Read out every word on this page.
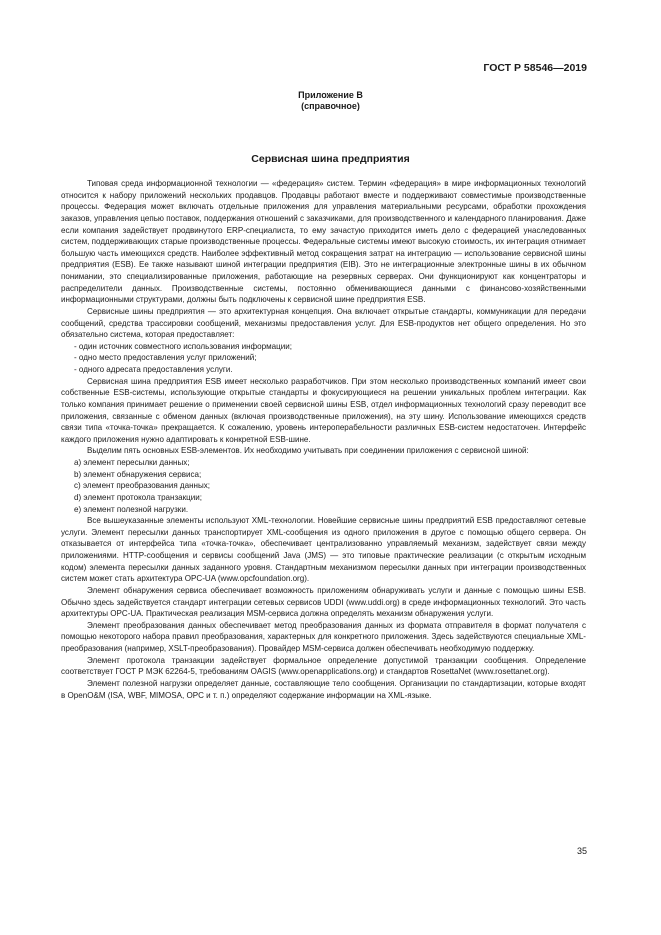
ГОСТ Р 58546—2019
Приложение В
(справочное)
Сервисная шина предприятия

Типовая среда информационной технологии — «федерация» систем. Термин «федерация» в мире информационных технологий относится к набору приложений нескольких продавцов. Продавцы работают вместе и поддерживают совместимые производственные процессы. Федерация может включать отдельные приложения для управления материальными ресурсами, обработки прохождения заказов, управления цепью поставок, поддержания отношений с заказчиками, для производственного и календарного планирования. Даже если компания задействует продвинутого ERP-специалиста, то ему зачастую приходится иметь дело с федерацией унаследованных систем, поддерживающих старые производственные процессы. Федеральные системы имеют высокую стоимость, их интеграция отнимает большую часть имеющихся средств. Наиболее эффективный метод сокращения затрат на интеграцию — использование сервисной шины предприятия (ESB). Ее также называют шиной интеграции предприятия (EIB). Это не интеграционные электронные шины в их обычном понимании, это специализированные приложения, работающие на резервных серверах. Они функционируют как концентраторы и распределители данных. Производственные системы, постоянно обменивающиеся данными с финансово-хозяйственными информационными структурами, должны быть подключены к сервисной шине предприятия ESB.

Сервисные шины предприятия — это архитектурная концепция. Она включает открытые стандарты, коммуникации для передачи сообщений, средства трассировки сообщений, механизмы предоставления услуг. Для ESB-продуктов нет общего определения. Но это обязательно система, которая предоставляет:

- один источник совместного использования информации;
- одно место предоставления услуг приложений;
- одного адресата предоставления услуги.

Сервисная шина предприятия ESB имеет несколько разработчиков. При этом несколько производственных компаний имеет свои собственные ESB-системы, использующие открытые стандарты и фокусирующиеся на решении уникальных проблем интеграции. Как только компания принимает решение о применении своей сервисной шины ESB, отдел информационных технологий сразу переводит все приложения, связанные с обменом данных (включая производственные приложения), на эту шину. Использование имеющихся средств связи типа «точка-точка» прекращается. К сожалению, уровень интероперабельности различных ESB-систем недостаточен. Интерфейс каждого приложения нужно адаптировать к конкретной ESB-шине.

Выделим пять основных ESB-элементов. Их необходимо учитывать при соединении приложения с сервисной шиной:

a) элемент пересылки данных;
b) элемент обнаружения сервиса;
c) элемент преобразования данных;
d) элемент протокола транзакции;
e) элемент полезной нагрузки.

Все вышеуказанные элементы используют XML-технологии. Новейшие сервисные шины предприятий ESB предоставляют сетевые услуги. Элемент пересылки данных транспортирует XML-сообщения из одного приложения в другое с помощью общего сервера. Он отказывается от интерфейса типа «точка-точка», обеспечивает централизованно управляемый механизм, задействует связи между приложениями. HTTP-сообщения и сервисы сообщений Java (JMS) — это типовые практические реализации (с открытым исходным кодом) элемента пересылки данных заданного уровня. Стандартным механизмом пересылки данных при интеграции производственных систем может стать архитектура OPC-UA (www.opcfoundation.org).

Элемент обнаружения сервиса обеспечивает возможность приложениям обнаруживать услуги и данные с помощью шины ESB. Обычно здесь задействуется стандарт интеграции сетевых сервисов UDDI (www.uddi.org) в среде информационных технологий. Это часть архитектуры OPC-UA. Практическая реализация MSM-сервиса должна определять механизм обнаружения услуги.

Элемент преобразования данных обеспечивает метод преобразования данных из формата отправителя в формат получателя с помощью некоторого набора правил преобразования, характерных для конкретного приложения. Здесь задействуются специальные XML-преобразования (например, XSLT-преобразования). Провайдер MSM-сервиса должен обеспечивать необходимую поддержку.

Элемент протокола транзакции задействует формальное определение допустимой транзакции сообщения. Определение соответствует ГОСТ Р МЭК 62264-5, требованиям OAGIS (www.openapplications.org) и стандартов RosettaNet (www.rosettanet.org).

Элемент полезной нагрузки определяет данные, составляющие тело сообщения. Организации по стандартизации, которые входят в OpenO&M (ISA, WBF, MIMOSA, OPC и т. п.) определяют содержание информации на XML-языке.

35
